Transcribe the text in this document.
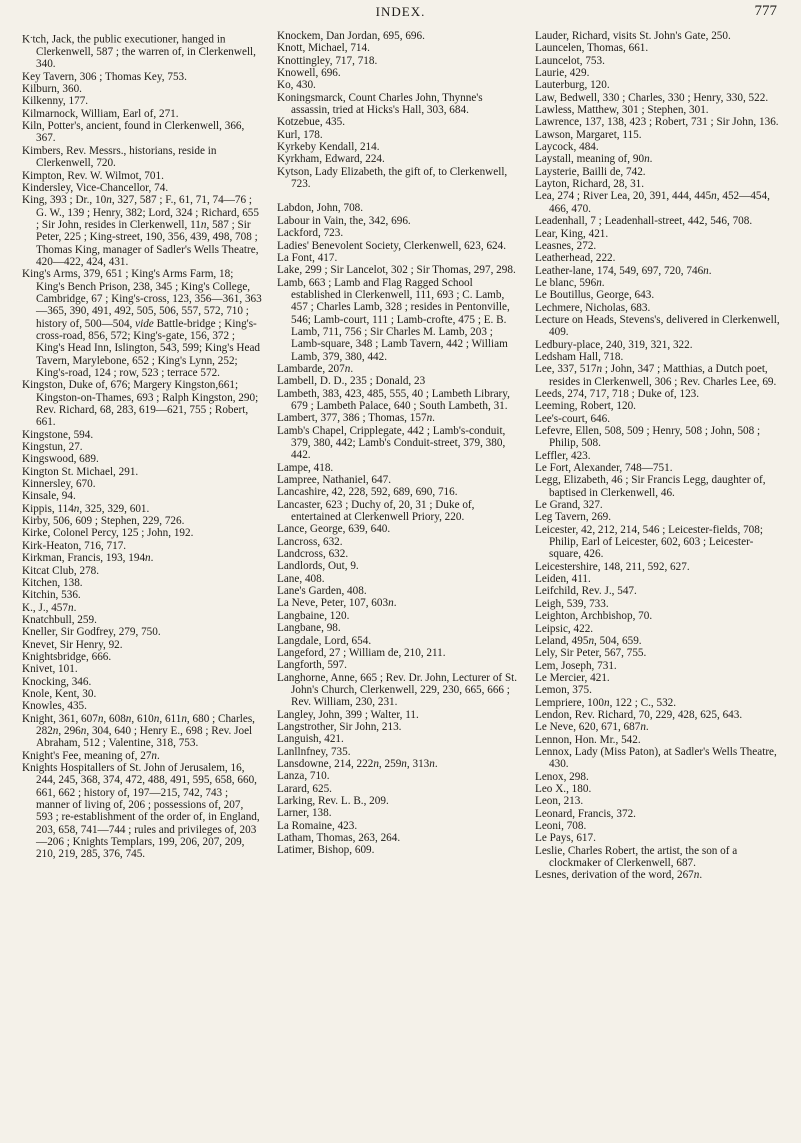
INDEX.	777

K.tch, Jack, the public executioner, hanged in Clerkenwell, 587 ; the warren of, in Clerkenwell, 340.

Key Tavern, 306 ; Thomas Key, 753.

Kilburn, 360.

Kilkenny, 177.

Kilmarnock, William, Earl of, 271.

Kiln, Potter's, ancient, found in Clerkenwell, 366, 367.

Kimbers, Rev. Messrs., historians, reside in Clerkenwell, 720.

Kimpton, Rev. W. Wilmot, 701.

Kindersley, Vice-Chancellor, 74.

King, 393 ; Dr., 10n, 327, 587 ; F., 61, 71, 74—76 ; G. W., 139 ; Henry, 382; Lord, 324 ; Richard, 655 ; Sir John, resides in Clerkenwell, 11n, 587 ; Sir Peter, 225 ; King-street, 190, 356, 439, 498, 708 ; Thomas King, manager of Sadler's Wells Theatre, 420—422, 424, 431.

King's Arms, 379, 651 ; King's Arms Farm, 18; King's Bench Prison, 238, 345 ; King's College, Cambridge, 67 ; King's-cross, 123, 356—361, 363—365, 390, 491, 492, 505, 506, 557, 572, 710 ; history of, 500—504, vide Battle-bridge ; King's-cross-road, 856, 572; King's-gate, 156, 372 ; King's Head Inn, Islington, 543, 599; King's Head Tavern, Marylebone, 652 ; King's Lynn, 252; King's-road, 124 ; row, 523 ; terrace 572.

Kingston, Duke of, 676; Margery Kingston,661; Kingston-on-Thames, 693 ; Ralph Kingston, 290; Rev. Richard, 68, 283, 619—621, 755 ; Robert, 661.

Kingstone, 594.

Kingstun, 27.

Kingswood, 689.

Kington St. Michael, 291.

Kinnersley, 670.

Kinsale, 94.

Kippis, 114n, 325, 329, 601.

Kirby, 506, 609 ; Stephen, 229, 726.

Kirke, Colonel Percy, 125 ; John, 192.

Kirk-Heaton, 716, 717.

Kirkman, Francis, 193, 194n.

Kitcat Club, 278.

Kitchen, 138.

Kitchin, 536.

K., J., 457n.

Knatchbull, 259.

Kneller, Sir Godfrey, 279, 750.

Knevet, Sir Henry, 92.

Knightsbridge, 666.

Knivet, 101.

Knocking, 346.

Knole, Kent, 30.

Knowles, 435.

Knight, 361, 607n, 608n, 610n, 611n, 680 ; Charles, 282n, 296n, 304, 640 ; Henry E., 698 ; Rev. Joel Abraham, 512 ; Valentine, 318, 753.

Knight's Fee, meaning of, 27n.

Knights Hospitallers of St. John of Jerusalem, 16, 244, 245, 368, 374, 472, 488, 491, 595, 658, 660, 661, 662 ; history of, 197—215, 742, 743 ; manner of living of, 206 ; possessions of, 207, 593 ; re-establishment of the order of, in England, 203, 658, 741—744 ; rules and privileges of, 203—206 ; Knights Templars, 199, 206, 207, 209, 210, 219, 285, 376, 745.

Knockem, Dan Jordan, 695, 696.

Knott, Michael, 714.

Knottingley, 717, 718.

Knowell, 696.

Ko, 430.

Koningsmarck, Count Charles John, Thynne's assassin, tried at Hicks's Hall, 303, 684.

Kotzebue, 435.

Kurl, 178.

Kyrkeby Kendall, 214.

Kyrkham, Edward, 224.

Kytson, Lady Elizabeth, the gift of, to Clerkenwell, 723.

Labdon, John, 708.

Labour in Vain, the, 342, 696.

Lackford, 723.

Ladies' Benevolent Society, Clerkenwell, 623, 624.

La Font, 417.

Lake, 299 ; Sir Lancelot, 302 ; Sir Thomas, 297, 298.

Lamb, 663 ; Lamb and Flag Ragged School established in Clerkenwell, 111, 693 ; C. Lamb, 457 ; Charles Lamb, 328 ; resides in Pentonville, 546; Lamb-court, 111 ; Lamb-crofte, 475 ; E. B. Lamb, 711, 756 ; Sir Charles M. Lamb, 203 ; Lamb-square, 348 ; Lamb Tavern, 442 ; William Lamb, 379, 380, 442.

Lambarde, 207n.

Lambell, D. D., 235 ; Donald, 23

Lambeth, 383, 423, 485, 555, 40 ; Lambeth Library, 679 ; Lambeth Palace, 640 ; South Lambeth, 31.

Lambert, 377, 386 ; Thomas, 157n.

Lamb's Chapel, Cripplegate, 442 ; Lamb's-conduit, 379, 380, 442; Lamb's Conduit-street, 379, 380, 442.

Lampe, 418.

Lampree, Nathaniel, 647.

Lancashire, 42, 228, 592, 689, 690, 716.

Lancaster, 623 ; Duchy of, 20, 31 ; Duke of, entertained at Clerkenwell Priory, 220.

Lance, George, 639, 640.

Lancross, 632.

Landcross, 632.

Landlords, Out, 9.

Lane, 408.

Lane's Garden, 408.

La Neve, Peter, 107, 603n.

Langbaine, 120.

Langbane, 98.

Langdale, Lord, 654.

Langeford, 27 ; William de, 210, 211.

Langforth, 597.

Langhorne, Anne, 665 ; Rev. Dr. John, Lecturer of St. John's Church, Clerkenwell, 229, 230, 665, 666 ; Rev. William, 230, 231.

Langley, John, 399 ; Walter, 11.

Langstrother, Sir John, 213.

Languish, 421.

Lanllnfney, 735.

Lansdowne, 214, 222n, 259n, 313n.

Lanza, 710.

Larard, 625.

Larking, Rev. L. B., 209.

Larner, 138.

La Romaine, 423.

Latham, Thomas, 263, 264.

Latimer, Bishop, 609.

Lauder, Richard, visits St. John's Gate, 250.

Launcelen, Thomas, 661.

Launcelot, 753.

Laurie, 429.

Lauterburg, 120.

Law, Bedwell, 330 ; Charles, 330 ; Henry, 330, 522.

Lawless, Matthew, 301 ; Stephen, 301.

Lawrence, 137, 138, 423 ; Robert, 731 ; Sir John, 136.

Lawson, Margaret, 115.

Laycock, 484.

Laystall, meaning of, 90n.

Laysterie, Bailli de, 742.

Layton, Richard, 28, 31.

Lea, 274 ; River Lea, 20, 391, 444, 445n, 452—454, 466, 470.

Leadenhall, 7 ; Leadenhall-street, 442, 546, 708.

Lear, King, 421.

Leasnes, 272.

Leatherhead, 222.

Leather-lane, 174, 549, 697, 720, 746n.

Le blanc, 596n.

Le Boutillus, George, 643.

Lechmere, Nicholas, 683.

Lecture on Heads, Stevens's, delivered in Clerkenwell, 409.

Ledbury-place, 240, 319, 321, 322.

Ledsham Hall, 718.

Lee, 337, 517n ; John, 347 ; Matthias, a Dutch poet, resides in Clerkenwell, 306 ; Rev. Charles Lee, 69.

Leeds, 274, 717, 718 ; Duke of, 123.

Leeming, Robert, 120.

Lee's-court, 646.

Lefevre, Ellen, 508, 509 ; Henry, 508 ; John, 508 ; Philip, 508.

Leffler, 423.

Le Fort, Alexander, 748—751.

Legg, Elizabeth, 46 ; Sir Francis Legg, daughter of, baptised in Clerkenwell, 46.

Le Grand, 327.

Leg Tavern, 269.

Leicester, 42, 212, 214, 546 ; Leicester-fields, 708; Philip, Earl of Leicester, 602, 603 ; Leicester-square, 426.

Leicestershire, 148, 211, 592, 627.

Leiden, 411.

Leifchild, Rev. J., 547.

Leigh, 539, 733.

Leighton, Archbishop, 70.

Leipsic, 422.

Leland, 495n, 504, 659.

Lely, Sir Peter, 567, 755.

Lem, Joseph, 731.

Le Mercier, 421.

Lemon, 375.

Lempriere, 100n, 122 ; C., 532.

Lendon, Rev. Richard, 70, 229, 428, 625, 643.

Le Neve, 620, 671, 687n.

Lennon, Hon. Mr., 542.

Lennox, Lady (Miss Paton), at Sadler's Wells Theatre, 430.

Lenox, 298.

Leo X., 180.

Leon, 213.

Leonard, Francis, 372.

Leoni, 708.

Le Pays, 617.

Leslie, Charles Robert, the artist, the son of a clockmaker of Clerkenwell, 687.

Lesnes, derivation of the word, 267n.
